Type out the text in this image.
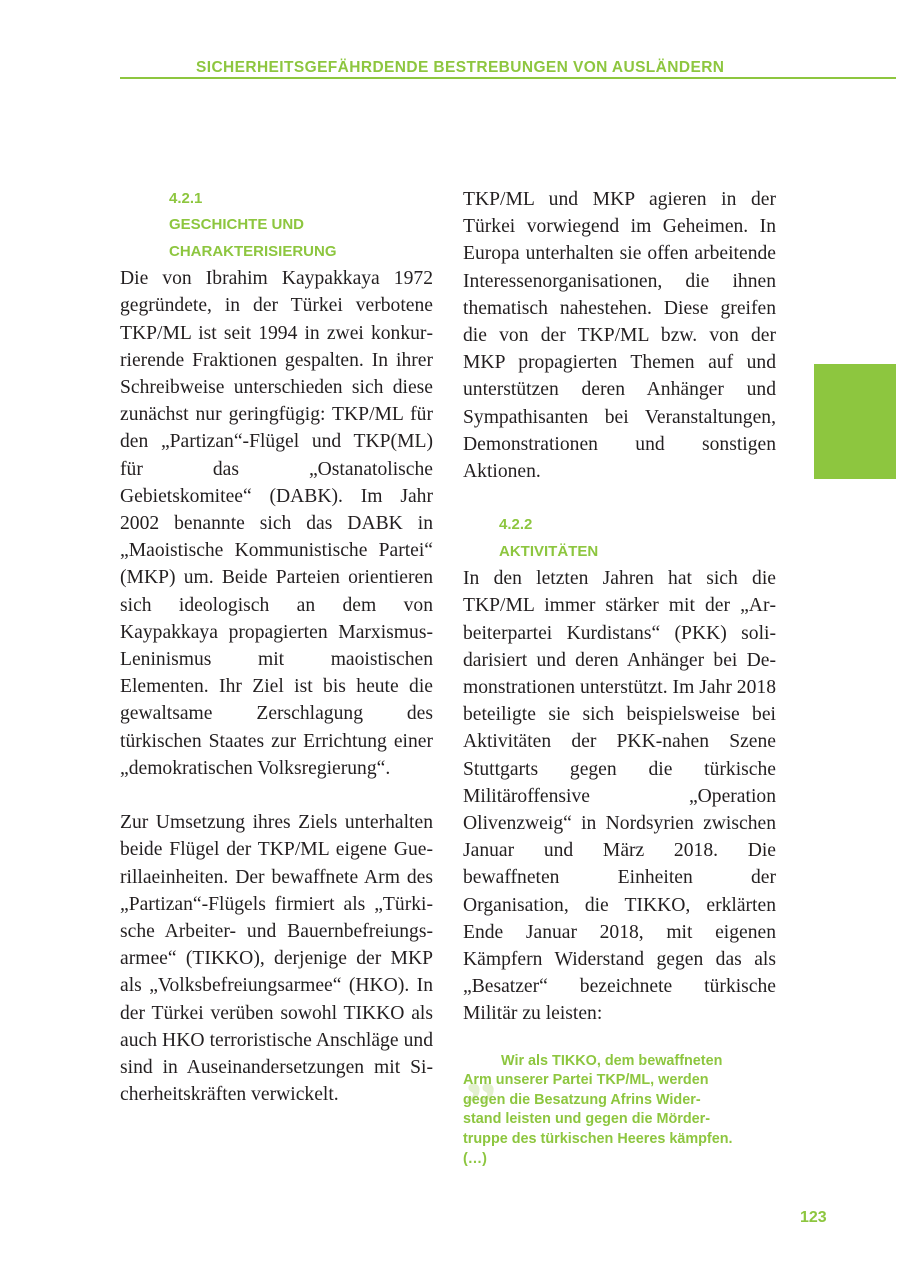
SICHERHEITSGEFÄHRDENDE BESTREBUNGEN VON AUSLÄNDERN
4.2.1
GESCHICHTE UND
CHARAKTERISIERUNG

Die von Ibrahim Kaypakkaya 1972 gegründete, in der Türkei verbotene TKP/ML ist seit 1994 in zwei konkurrierende Fraktionen gespalten. In ihrer Schreibweise unterschieden sich diese zunächst nur geringfügig: TKP/ML für den „Partizan“-Flügel und TKP(ML) für das „Ostanatolische Gebietskomitee“ (DABK). Im Jahr 2002 benannte sich das DABK in „Maoistische Kommunistische Partei“ (MKP) um. Beide Parteien orientieren sich ideologisch an dem von Kaypakkaya propagierten Marxismus-Leninismus mit maoistischen Elementen. Ihr Ziel ist bis heute die gewaltsame Zerschlagung des türkischen Staates zur Errichtung einer „demokratischen Volksregierung“.

Zur Umsetzung ihres Ziels unterhalten beide Flügel der TKP/ML eigene Guerillaeinheiten. Der bewaffnete Arm des „Partizan“-Flügels firmiert als „Türkische Arbeiter- und Bauernbefreiungsarmee“ (TIKKO), derjenige der MKP als „Volksbefreiungsarmee“ (HKO). In der Türkei verüben sowohl TIKKO als auch HKO terroristische Anschläge und sind in Auseinandersetzungen mit Sicherheitskräften verwickelt.

TKP/ML und MKP agieren in der Türkei vorwiegend im Geheimen. In Europa unterhalten sie offen arbeitende Interessenorganisationen, die ihnen thematisch nahestehen. Diese greifen die von der TKP/ML bzw. von der MKP propagierten Themen auf und unterstützen deren Anhänger und Sympathisanten bei Veranstaltungen, Demonstrationen und sonstigen Aktionen.

4.2.2
AKTIVITÄTEN

In den letzten Jahren hat sich die TKP/ML immer stärker mit der „Arbeiterpartei Kurdistans“ (PKK) solidarisiert und deren Anhänger bei Demonstrationen unterstützt. Im Jahr 2018 beteiligte sie sich beispielsweise bei Aktivitäten der PKK-nahen Szene Stuttgarts gegen die türkische Militäroffensive „Operation Olivenzweig“ in Nordsyrien zwischen Januar und März 2018. Die bewaffneten Einheiten der Organisation, die TIKKO, erklärten Ende Januar 2018, mit eigenen Kämpfern Widerstand gegen das als „Besatzer“ bezeichnete türkische Militär zu leisten:

„ Wir als TIKKO, dem bewaffneten
Arm unserer Partei TKP/ML, werden
gegen die Besatzung Afrins Wider-
stand leisten und gegen die Mörder-
truppe des türkischen Heeres kämpfen.
(…)
123
